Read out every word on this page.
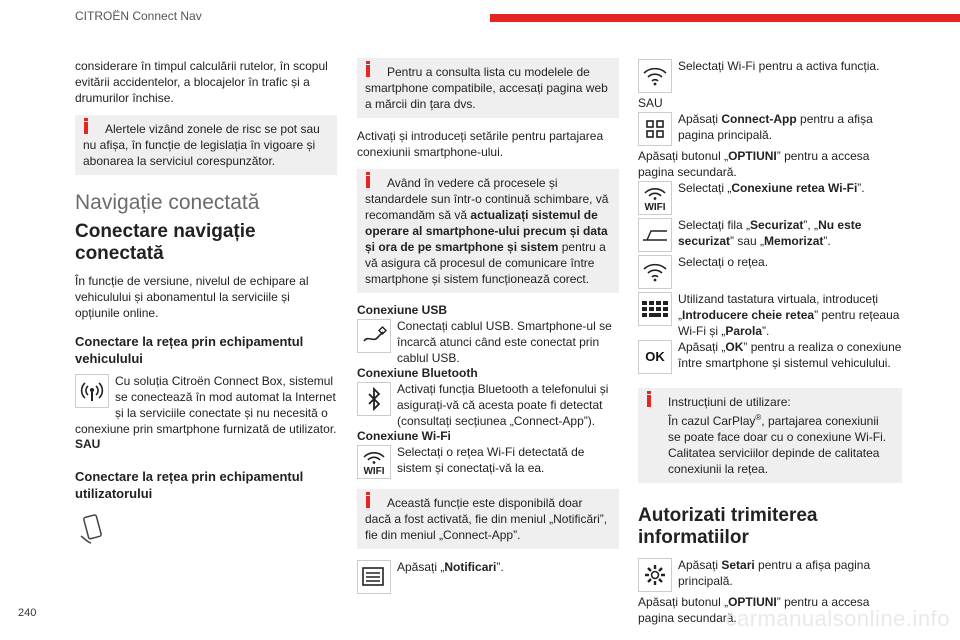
CITROËN Connect Nav

considerare în timpul calculării rutelor, în scopul evitării accidentelor, a blocajelor în trafic și a drumurilor închise.

Alertele vizând zonele de risc se pot sau nu afișa, în funcție de legislația în vigoare și abonarea la serviciul corespunzător.
Navigație conectată
Conectare navigație conectată

În funcție de versiune, nivelul de echipare al vehiculului și abonamentul la serviciile și opțiunile online.

Conectare la rețea prin echipamentul vehiculului
Cu soluția Citroën Connect Box, sistemul se conectează în mod automat la Internet și la serviciile conectate și nu necesită o conexiune prin smartphone furnizată de utilizator.

SAU

Conectare la rețea prin echipamentul utilizatorului
Pentru a consulta lista cu modelele de smartphone compatibile, accesați pagina web a mărcii din țara dvs.

Activați și introduceți setările pentru partajarea conexiunii smartphone-ului.

Având în vedere că procesele și standardele sun într-o continuă schimbare, vă recomandăm să vă actualizați sistemul de operare al smartphone-ului precum și data și ora de pe smartphone și sistem pentru a vă asigura că procesul de comunicare între smartphone și sistem funcționează corect.

Conexiune USB

Conectați cablul USB. Smartphone-ul se încarcă atunci când este conectat prin cablul USB.

Conexiune Bluetooth

Activați funcția Bluetooth a telefonului și asigurați-vă că acesta poate fi detectat (consultați secțiunea „Connect-App”).

Conexiune Wi-Fi

WIFI
Selectați o rețea Wi-Fi detectată de sistem și conectați-vă la ea.
Această funcție este disponibilă doar dacă a fost activată, fie din meniul „Notificări”, fie din meniul „Connect-App”.
Apăsați „Notificari”.
Selectați Wi-Fi pentru a activa funcția.

SAU

Apăsați Connect-App pentru a afișa pagina principală.

Apăsați butonul „OPTIUNI” pentru a accesa pagina secundară.

WIFI
Selectați „Conexiune retea Wi-Fi”.
Selectați fila „Securizat”, „Nu este securizat” sau „Memorizat”.
Selectați o rețea.
Utilizand tastatura virtuala, introduceți „Introducere cheie retea” pentru rețeaua Wi-Fi și „Parola”.
OK
Apăsați „OK” pentru a realiza o conexiune între smartphone și sistemul vehiculului.
Instrucțiuni de utilizare:
În cazul CarPlay®, partajarea conexiunii se poate face doar cu o conexiune Wi-Fi. Calitatea serviciilor depinde de calitatea conexiunii la rețea.
Autorizati trimiterea informatiilor
Apăsați Setari pentru a afișa pagina principală.

Apăsați butonul „OPTIUNI” pentru a accesa pagina secundară.

240	carmanualsonline.info
